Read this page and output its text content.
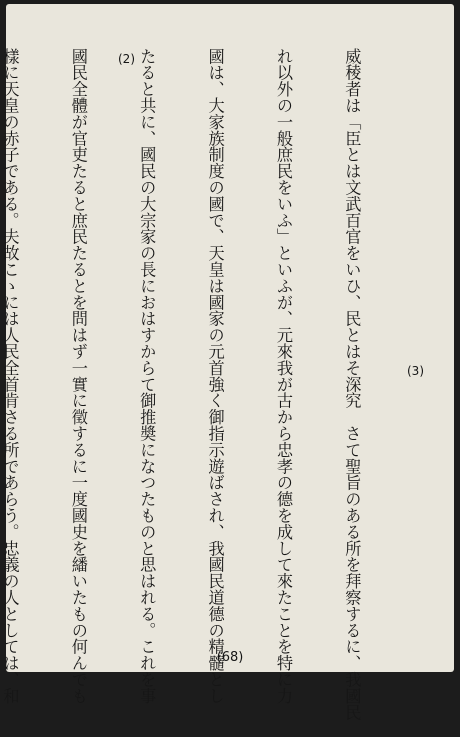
(2)

	威稜者は「臣とは文武百官をいひ、民とはそ

れ以外の一般庶民をいふ」といふが、元來我

國は、大家族制度の國で、天皇は國家の元首

たると共に、國民の大宗家の長におはすから

國民全體が官吏たると庶民たるとを問はず一

樣に天皇の赤子である。夫故こゝには人民全

	(3)

深究　さて聖旨のある所を拜察するに、我國民

が古から忠孝の德を成して來たことを特に力

強く御指示遊ばされ、我國民道德の精髓とし

て御推奬になつたものと思はれる。これを事

實に徵するに一度國史を繙いたもの何んでも

首肯さる所であらう。忠義の人としては、和

	(68)
